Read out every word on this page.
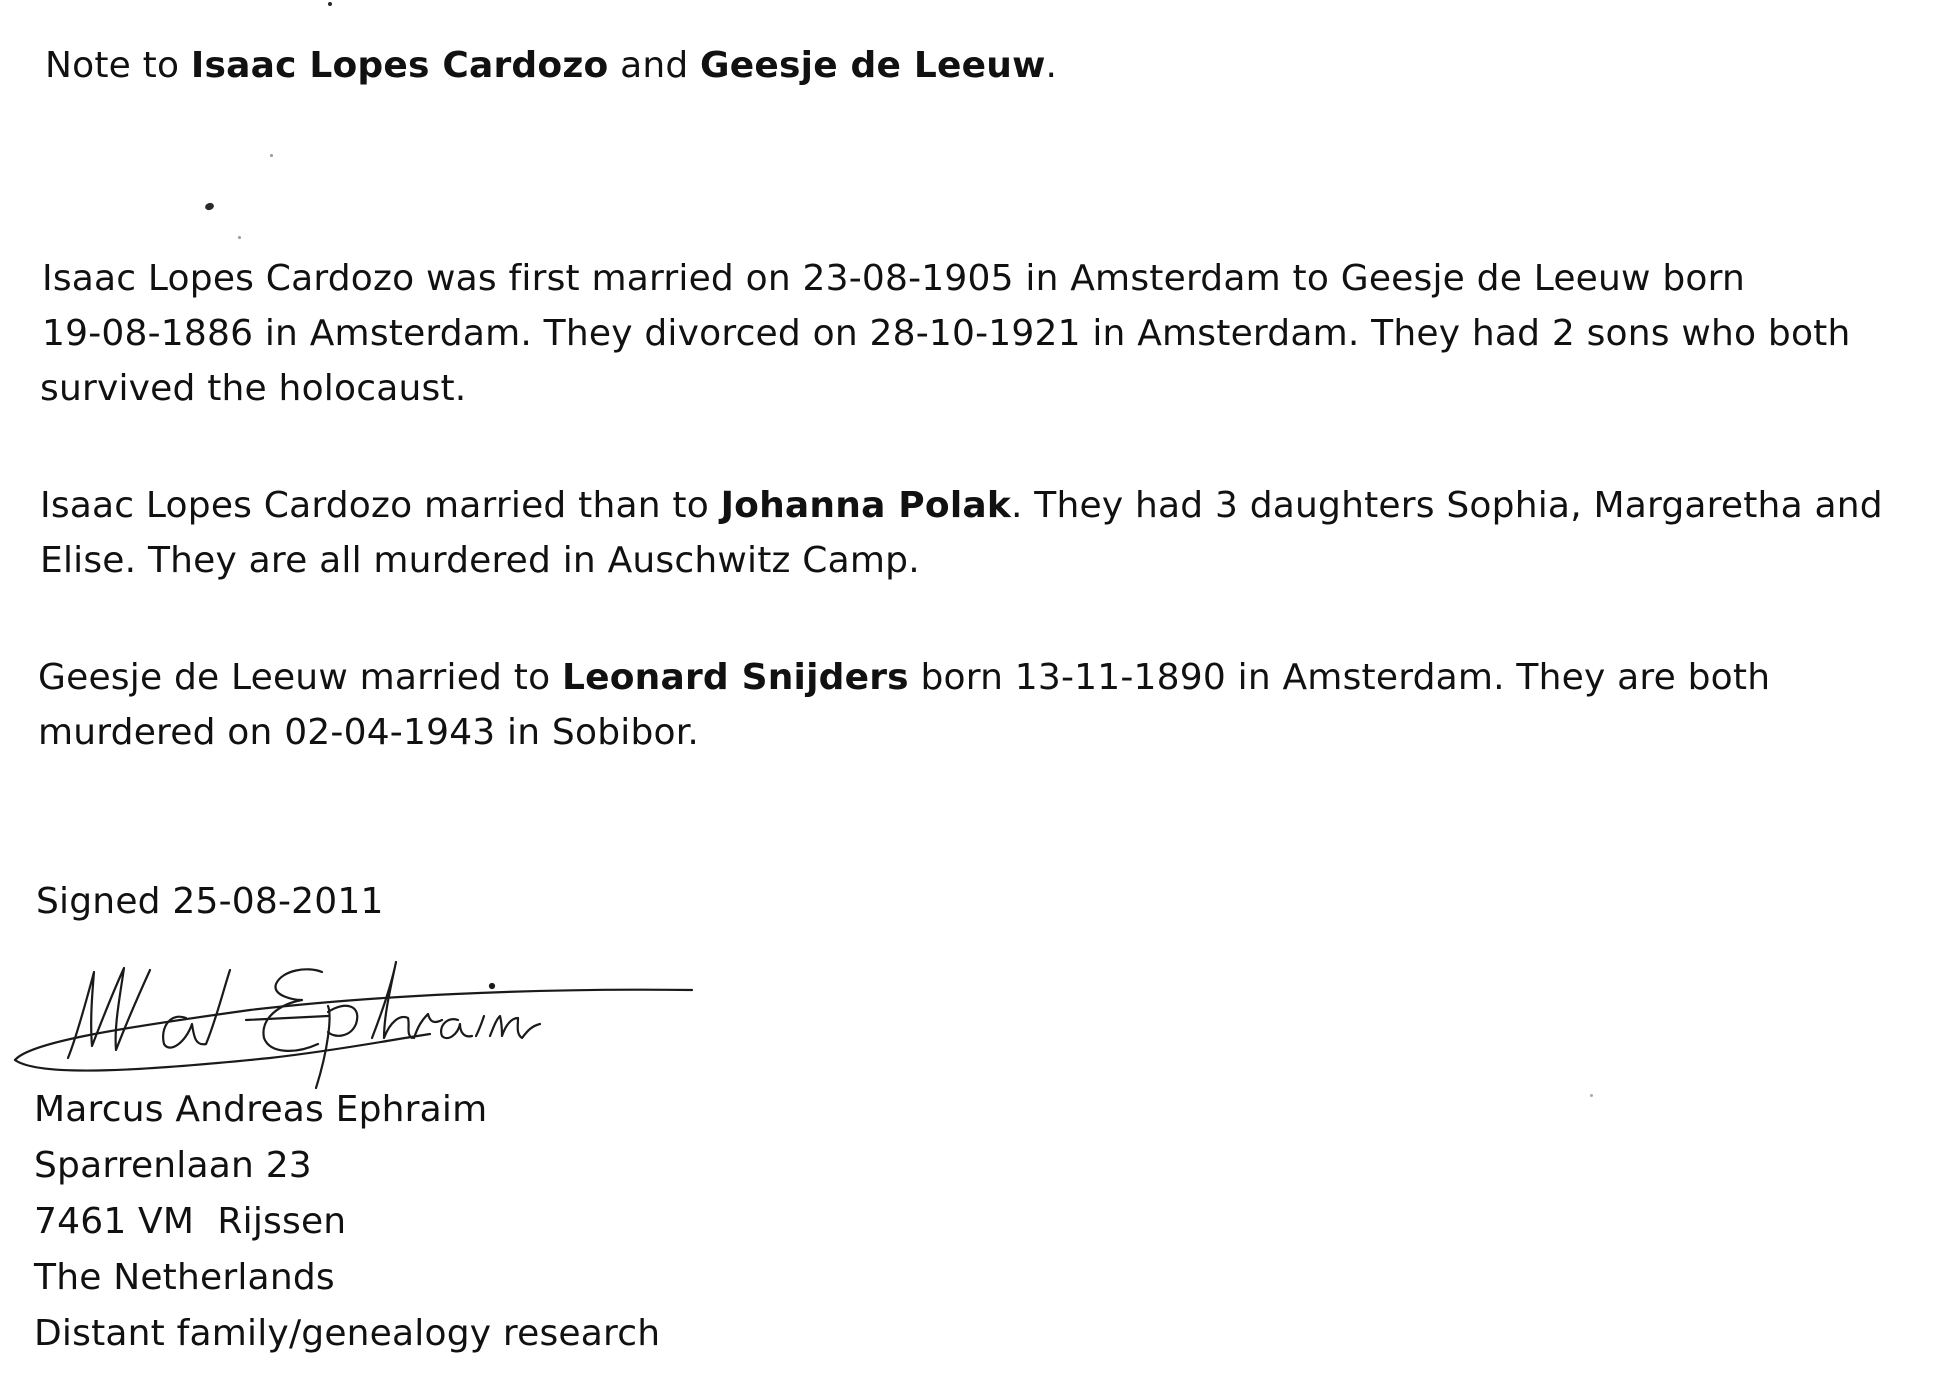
Note to Isaac Lopes Cardozo and Geesje de Leeuw.
Isaac Lopes Cardozo was first married on 23-08-1905 in Amsterdam to Geesje de Leeuw born
19-08-1886 in Amsterdam. They divorced on 28-10-1921 in Amsterdam. They had 2 sons who both
survived the holocaust.
Isaac Lopes Cardozo married than to Johanna Polak. They had 3 daughters Sophia, Margaretha and
Elise. They are all murdered in Auschwitz Camp.
Geesje de Leeuw married to Leonard Snijders born 13-11-1890 in Amsterdam. They are both
murdered on 02-04-1943 in Sobibor.
Signed 25-08-2011
Marcus Andreas Ephraim
Sparrenlaan 23
7461 VM  Rijssen
The Netherlands
Distant family/genealogy research
